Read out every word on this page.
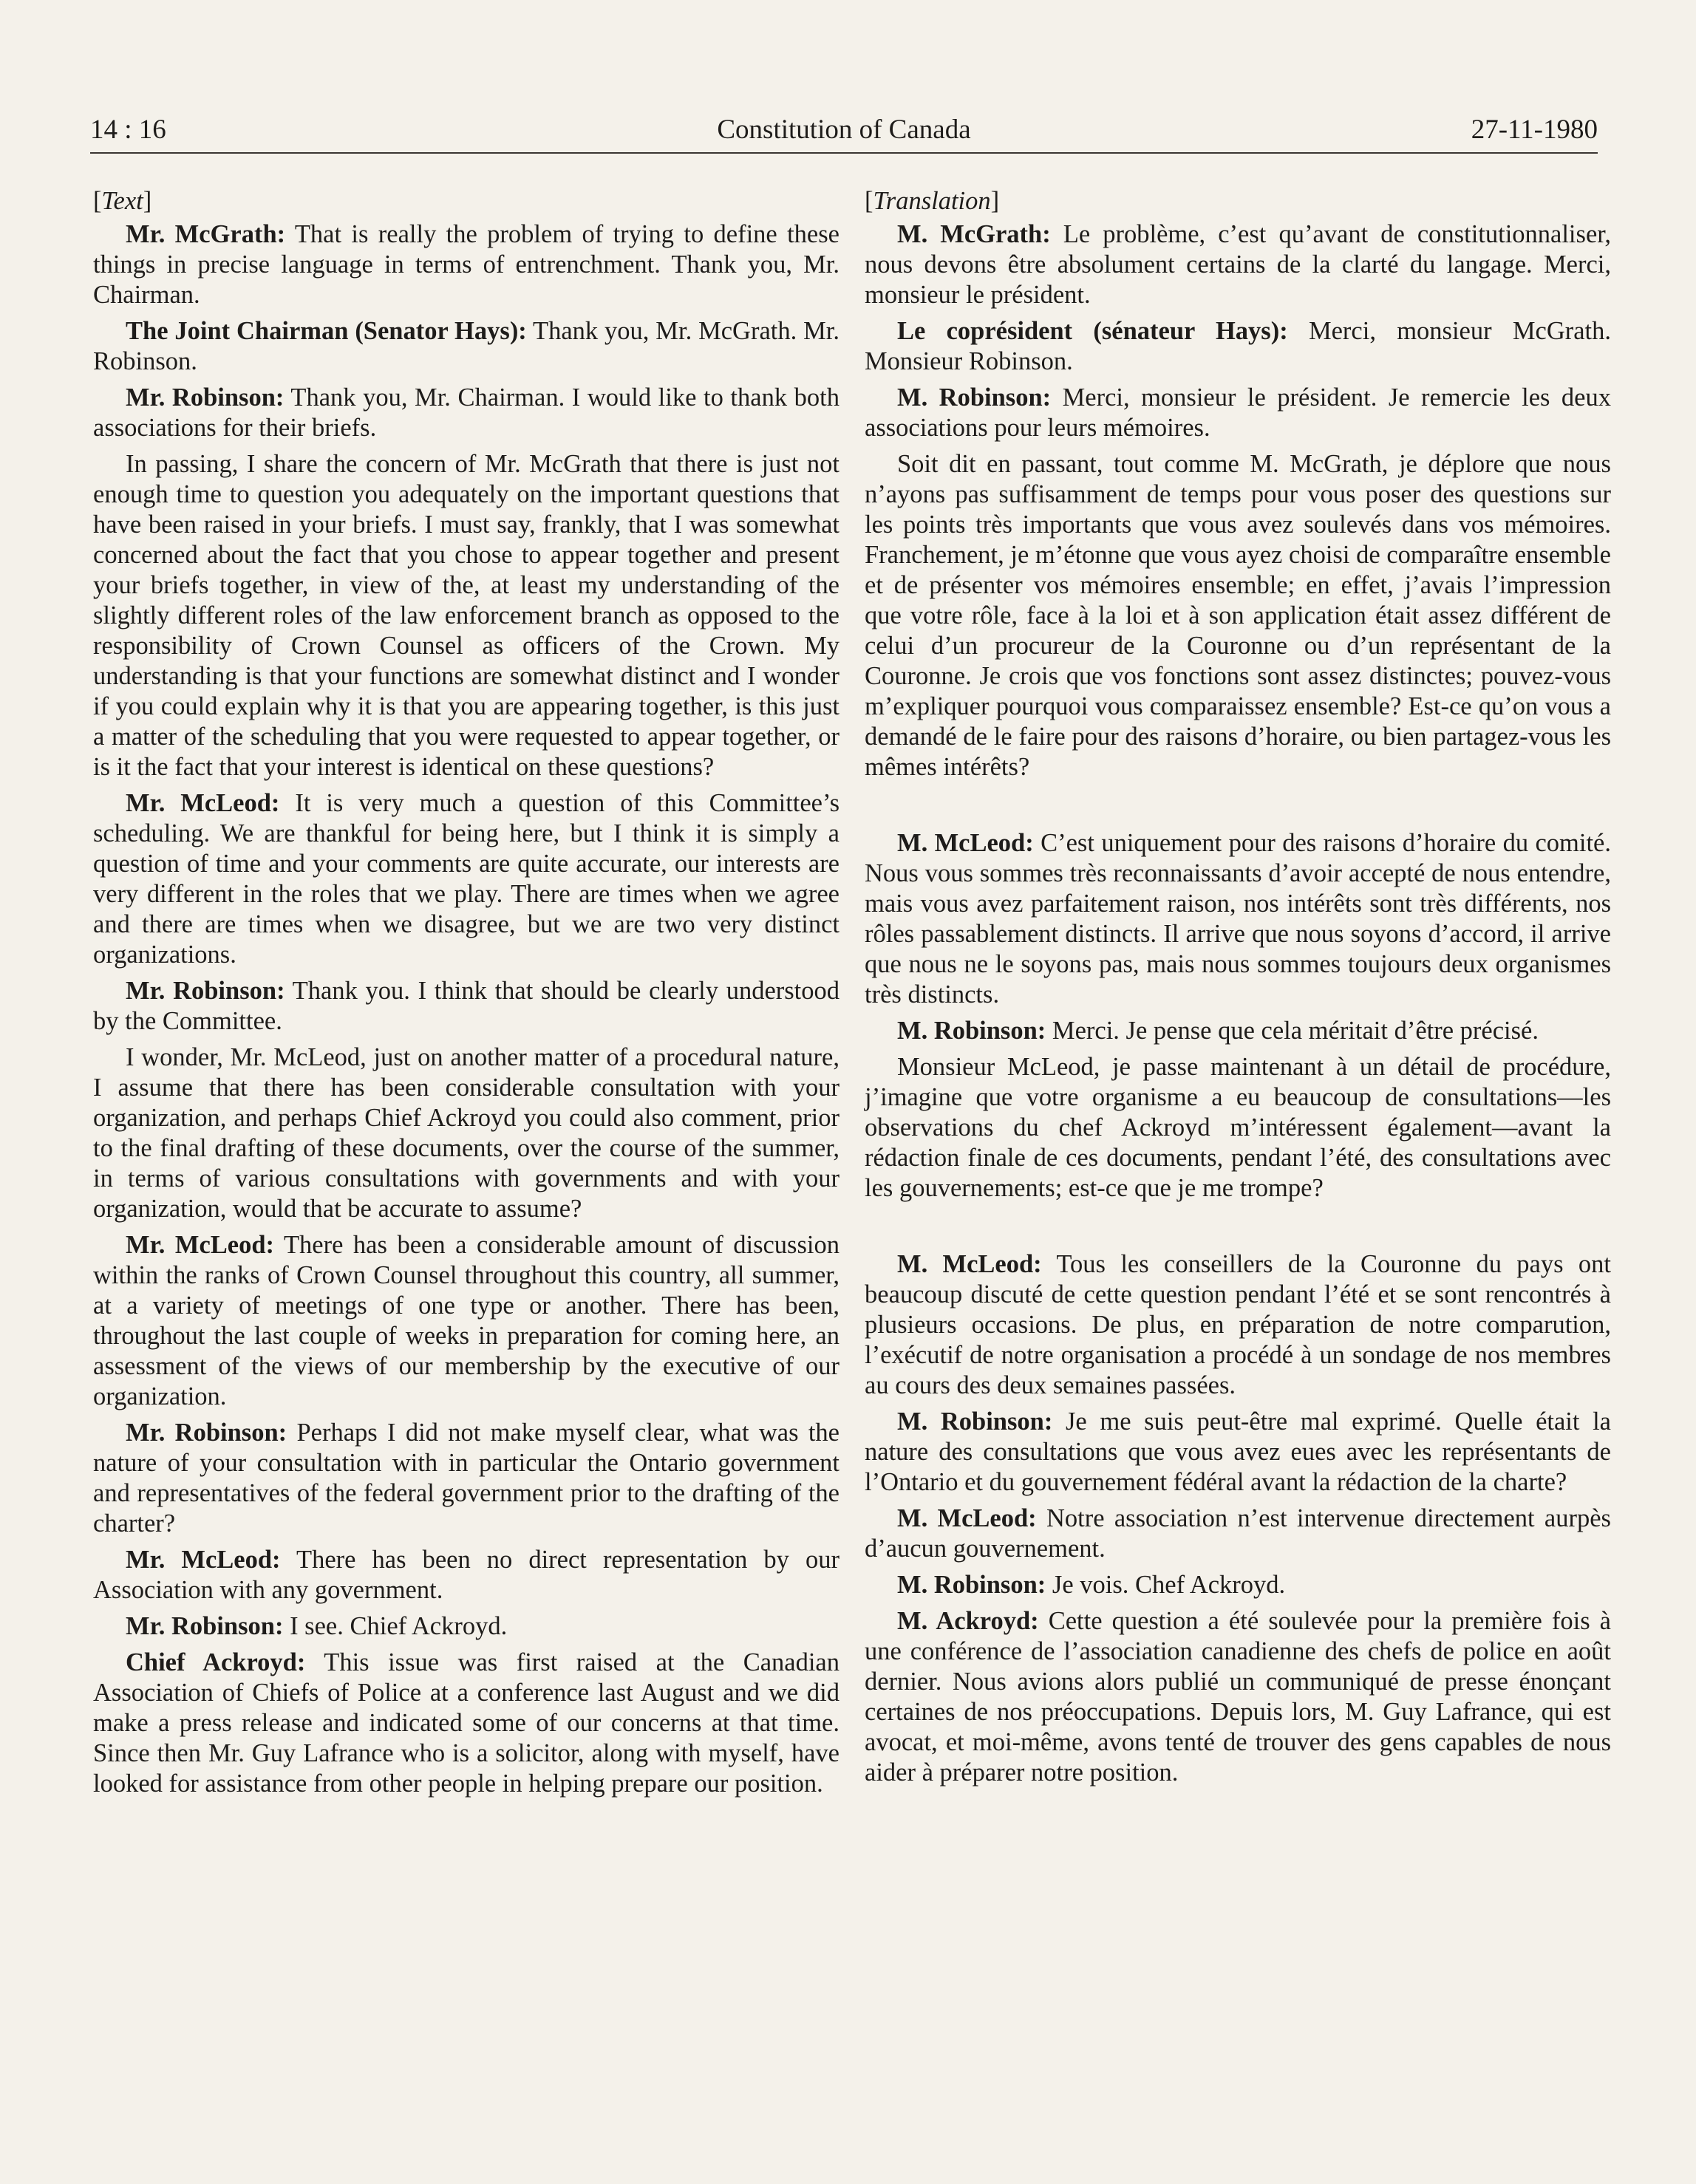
14 : 16	Constitution of Canada	27-11-1980

[Text]

Mr. McGrath: That is really the problem of trying to define these things in precise language in terms of entrenchment. Thank you, Mr. Chairman.

The Joint Chairman (Senator Hays): Thank you, Mr. McGrath. Mr. Robinson.

Mr. Robinson: Thank you, Mr. Chairman. I would like to thank both associations for their briefs.

In passing, I share the concern of Mr. McGrath that there is just not enough time to question you adequately on the important questions that have been raised in your briefs. I must say, frankly, that I was somewhat concerned about the fact that you chose to appear together and present your briefs together, in view of the, at least my understanding of the slightly different roles of the law enforcement branch as opposed to the responsibility of Crown Counsel as officers of the Crown. My understanding is that your functions are somewhat distinct and I wonder if you could explain why it is that you are appearing together, is this just a matter of the scheduling that you were requested to appear together, or is it the fact that your interest is identical on these questions?

Mr. McLeod: It is very much a question of this Committee’s scheduling. We are thankful for being here, but I think it is simply a question of time and your comments are quite accurate, our interests are very different in the roles that we play. There are times when we agree and there are times when we disagree, but we are two very distinct organizations.

Mr. Robinson: Thank you. I think that should be clearly understood by the Committee.

I wonder, Mr. McLeod, just on another matter of a procedural nature, I assume that there has been considerable consultation with your organization, and perhaps Chief Ackroyd you could also comment, prior to the final drafting of these documents, over the course of the summer, in terms of various consultations with governments and with your organization, would that be accurate to assume?

Mr. McLeod: There has been a considerable amount of discussion within the ranks of Crown Counsel throughout this country, all summer, at a variety of meetings of one type or another. There has been, throughout the last couple of weeks in preparation for coming here, an assessment of the views of our membership by the executive of our organization.

Mr. Robinson: Perhaps I did not make myself clear, what was the nature of your consultation with in particular the Ontario government and representatives of the federal government prior to the drafting of the charter?

Mr. McLeod: There has been no direct representation by our Association with any government.

Mr. Robinson: I see. Chief Ackroyd.

Chief Ackroyd: This issue was first raised at the Canadian Association of Chiefs of Police at a conference last August and we did make a press release and indicated some of our concerns at that time. Since then Mr. Guy Lafrance who is a solicitor, along with myself, have looked for assistance from other people in helping prepare our position.

[Translation]

M. McGrath: Le problème, c’est qu’avant de constitutionnaliser, nous devons être absolument certains de la clarté du langage. Merci, monsieur le président.

Le coprésident (sénateur Hays): Merci, monsieur McGrath. Monsieur Robinson.

M. Robinson: Merci, monsieur le président. Je remercie les deux associations pour leurs mémoires.

Soit dit en passant, tout comme M. McGrath, je déplore que nous n’ayons pas suffisamment de temps pour vous poser des questions sur les points très importants que vous avez soulevés dans vos mémoires. Franchement, je m’étonne que vous ayez choisi de comparaître ensemble et de présenter vos mémoires ensemble; en effet, j’avais l’impression que votre rôle, face à la loi et à son application était assez différent de celui d’un procureur de la Couronne ou d’un représentant de la Couronne. Je crois que vos fonctions sont assez distinctes; pouvez-vous m’expliquer pourquoi vous comparaissez ensemble? Est-ce qu’on vous a demandé de le faire pour des raisons d’horaire, ou bien partagez-vous les mêmes intérêts?

M. McLeod: C’est uniquement pour des raisons d’horaire du comité. Nous vous sommes très reconnaissants d’avoir accepté de nous entendre, mais vous avez parfaitement raison, nos intérêts sont très différents, nos rôles passablement distincts. Il arrive que nous soyons d’accord, il arrive que nous ne le soyons pas, mais nous sommes toujours deux organismes très distincts.

M. Robinson: Merci. Je pense que cela méritait d’être précisé.

Monsieur McLeod, je passe maintenant à un détail de procédure, j’imagine que votre organisme a eu beaucoup de consultations—les observations du chef Ackroyd m’intéressent également—avant la rédaction finale de ces documents, pendant l’été, des consultations avec les gouvernements; est-ce que je me trompe?

M. McLeod: Tous les conseillers de la Couronne du pays ont beaucoup discuté de cette question pendant l’été et se sont rencontrés à plusieurs occasions. De plus, en préparation de notre comparution, l’exécutif de notre organisation a procédé à un sondage de nos membres au cours des deux semaines passées.

M. Robinson: Je me suis peut-être mal exprimé. Quelle était la nature des consultations que vous avez eues avec les représentants de l’Ontario et du gouvernement fédéral avant la rédaction de la charte?

M. McLeod: Notre association n’est intervenue directement aurpès d’aucun gouvernement.

M. Robinson: Je vois. Chef Ackroyd.

M. Ackroyd: Cette question a été soulevée pour la première fois à une conférence de l’association canadienne des chefs de police en août dernier. Nous avions alors publié un communiqué de presse énonçant certaines de nos préoccupations. Depuis lors, M. Guy Lafrance, qui est avocat, et moi-même, avons tenté de trouver des gens capables de nous aider à préparer notre position.
